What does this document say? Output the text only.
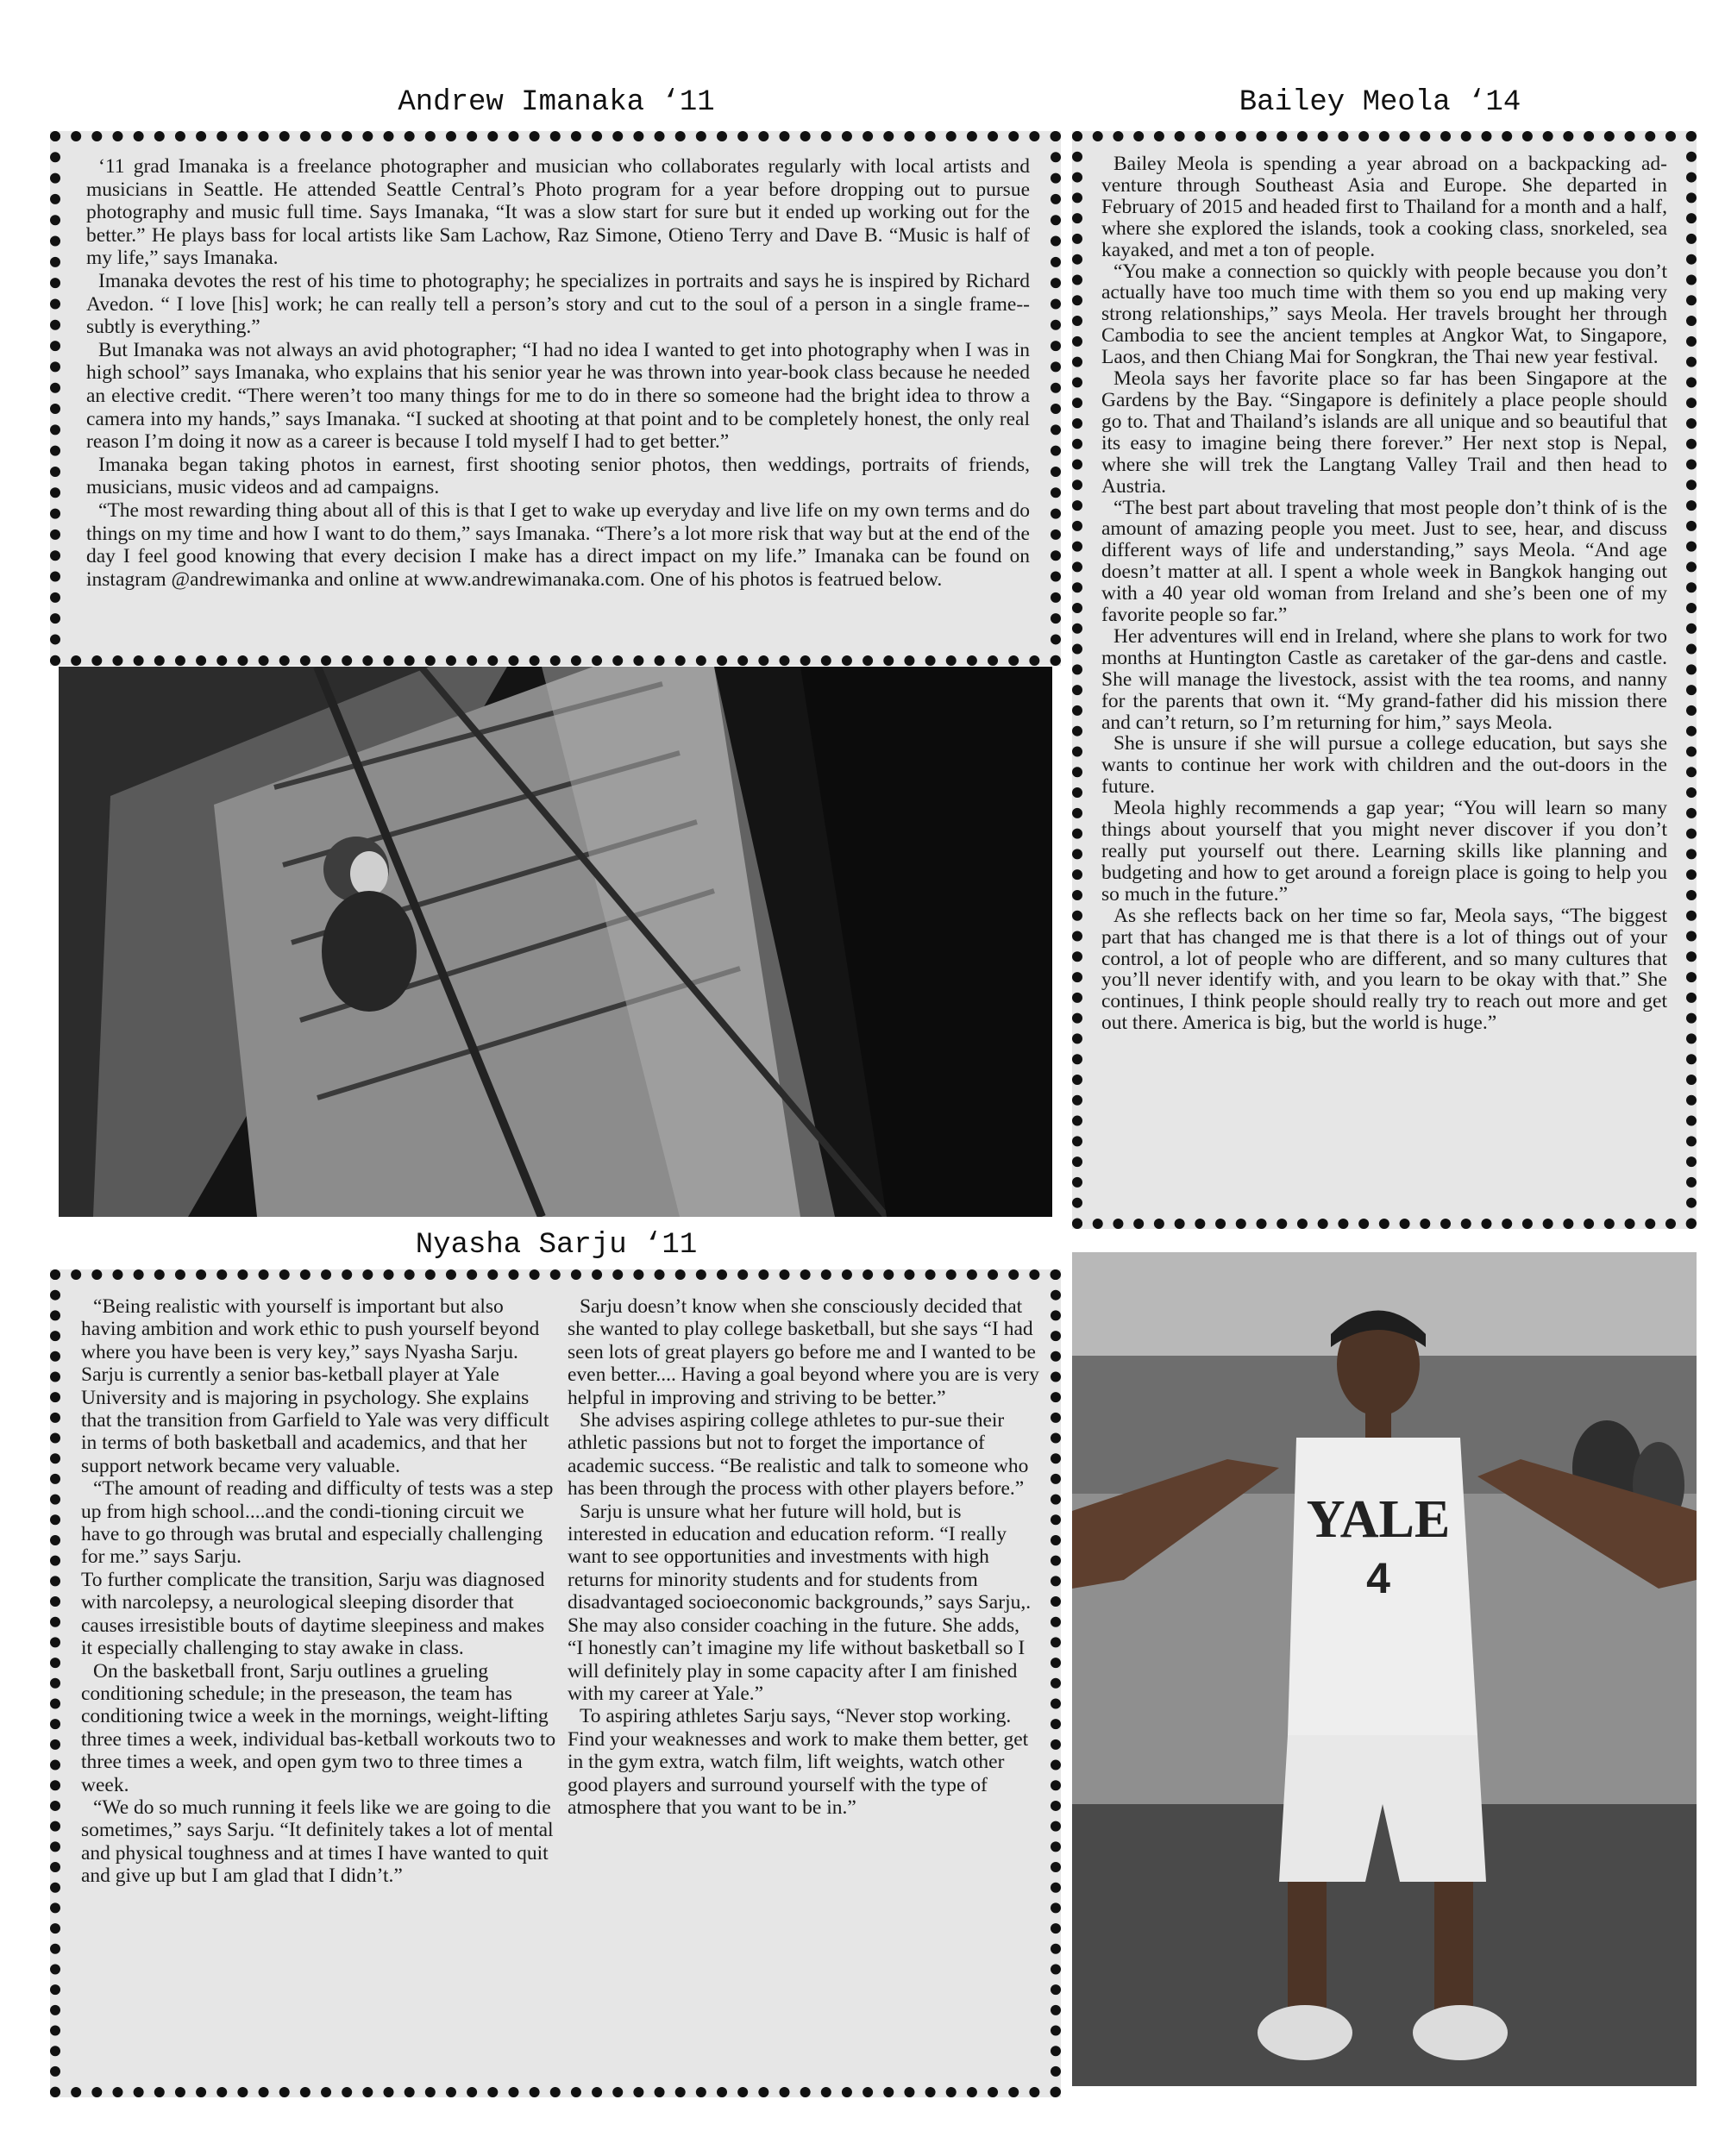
Andrew Imanaka ‘11	Bailey Meola ‘14
Nyasha Sarju ‘11

‘11 grad Imanaka is a freelance photographer and musician who collaborates regularly with local artists and musicians in Seattle. He attended Seattle Central’s Photo program for a year before dropping out to pursue photography and music full time. Says Imanaka, “It was a slow start for sure but it ended up working out for the better.” He plays bass for local artists like Sam Lachow, Raz Simone, Otieno Terry and Dave B. “Music is half of my life,” says Imanaka.

Imanaka devotes the rest of his time to photography; he specializes in portraits and says he is inspired by Richard Avedon. “ I love [his] work; he can really tell a person’s story and cut to the soul of a person in a single frame--subtly is everything.”

But Imanaka was not always an avid photographer; “I had no idea I wanted to get into photography when I was in high school” says Imanaka, who explains that his senior year he was thrown into year-book class because he needed an elective credit. “There weren’t too many things for me to do in there so someone had the bright idea to throw a camera into my hands,” says Imanaka. “I sucked at shooting at that point and to be completely honest, the only real reason I’m doing it now as a career is because I told myself I had to get better.”

Imanaka began taking photos in earnest, first shooting senior photos, then weddings, portraits of friends, musicians, music videos and ad campaigns.

“The most rewarding thing about all of this is that I get to wake up everyday and live life on my own terms and do things on my time and how I want to do them,” says Imanaka. “There’s a lot more risk that way but at the end of the day I feel good knowing that every decision I make has a direct impact on my life.” Imanaka can be found on instagram @andrewimanka and online at www.andrewimanaka.com. One of his photos is featrued below.

Bailey Meola is spending a year abroad on a backpacking ad-venture through Southeast Asia and Europe. She departed in February of 2015 and headed first to Thailand for a month and a half, where she explored the islands, took a cooking class, snorkeled, sea kayaked, and met a ton of people.

“You make a connection so quickly with people because you don’t actually have too much time with them so you end up making very strong relationships,” says Meola. Her travels brought her through Cambodia to see the ancient temples at Angkor Wat, to Singapore, Laos, and then Chiang Mai for Songkran, the Thai new year festival.

Meola says her favorite place so far has been Singapore at the Gardens by the Bay. “Singapore is definitely a place people should go to. That and Thailand’s islands are all unique and so beautiful that its easy to imagine being there forever.” Her next stop is Nepal, where she will trek the Langtang Valley Trail and then head to Austria.

“The best part about traveling that most people don’t think of is the amount of amazing people you meet. Just to see, hear, and discuss different ways of life and understanding,” says Meola. “And age doesn’t matter at all. I spent a whole week in Bangkok hanging out with a 40 year old woman from Ireland and she’s been one of my favorite people so far.”

Her adventures will end in Ireland, where she plans to work for two months at Huntington Castle as caretaker of the gar-dens and castle. She will manage the livestock, assist with the tea rooms, and nanny for the parents that own it. “My grand-father did his mission there and can’t return, so I’m returning for him,” says Meola.

She is unsure if she will pursue a college education, but says she wants to continue her work with children and the out-doors in the future.

Meola highly recommends a gap year; “You will learn so many things about yourself that you might never discover if you don’t really put yourself out there. Learning skills like planning and budgeting and how to get around a foreign place is going to help you so much in the future.”

As she reflects back on her time so far, Meola says, “The biggest part that has changed me is that there is a lot of things out of your control, a lot of people who are different, and so many cultures that you’ll never identify with, and you learn to be okay with that.” She continues, I think people should really try to reach out more and get out there. America is big, but the world is huge.”

“Being realistic with yourself is important but also having ambition and work ethic to push yourself beyond where you have been is very key,” says Nyasha Sarju. Sarju is currently a senior bas-ketball player at Yale University and is majoring in psychology. She explains that the transition from Garfield to Yale was very difficult in terms of both basketball and academics, and that her support network became very valuable.

“The amount of reading and difficulty of tests was a step up from high school....and the condi-tioning circuit we have to go through was brutal and especially challenging for me.” says Sarju.

To further complicate the transition, Sarju was diagnosed with narcolepsy, a neurological sleeping disorder that causes irresistible bouts of daytime sleepiness and makes it especially challenging to stay awake in class.

On the basketball front, Sarju outlines a grueling conditioning schedule; in the preseason, the team has conditioning twice a week in the mornings, weight-lifting three times a week, individual bas-ketball workouts two to three times a week, and open gym two to three times a week.

“We do so much running it feels like we are going to die sometimes,” says Sarju. “It definitely takes a lot of mental and physical toughness and at times I have wanted to quit and give up but I am glad that I didn’t.”

Sarju doesn’t know when she consciously decided that she wanted to play college basketball, but she says “I had seen lots of great players go before me and I wanted to be even better.... Having a goal beyond where you are is very helpful in improving and striving to be better.”

She advises aspiring college athletes to pur-sue their athletic passions but not to forget the importance of academic success. “Be realistic and talk to someone who has been through the process with other players before.”

Sarju is unsure what her future will hold, but is interested in education and education reform. “I really want to see opportunities and investments with high returns for minority students and for students from disadvantaged socioeconomic backgrounds,” says Sarju,. She may also consider coaching in the future. She adds, “I honestly can’t imagine my life without basketball so I will definitely play in some capacity after I am finished with my career at Yale.”

To aspiring athletes Sarju says, “Never stop working. Find your weaknesses and work to make them better, get in the gym extra, watch film, lift weights, watch other good players and surround yourself with the type of atmosphere that you want to be in.”

YALE
4
